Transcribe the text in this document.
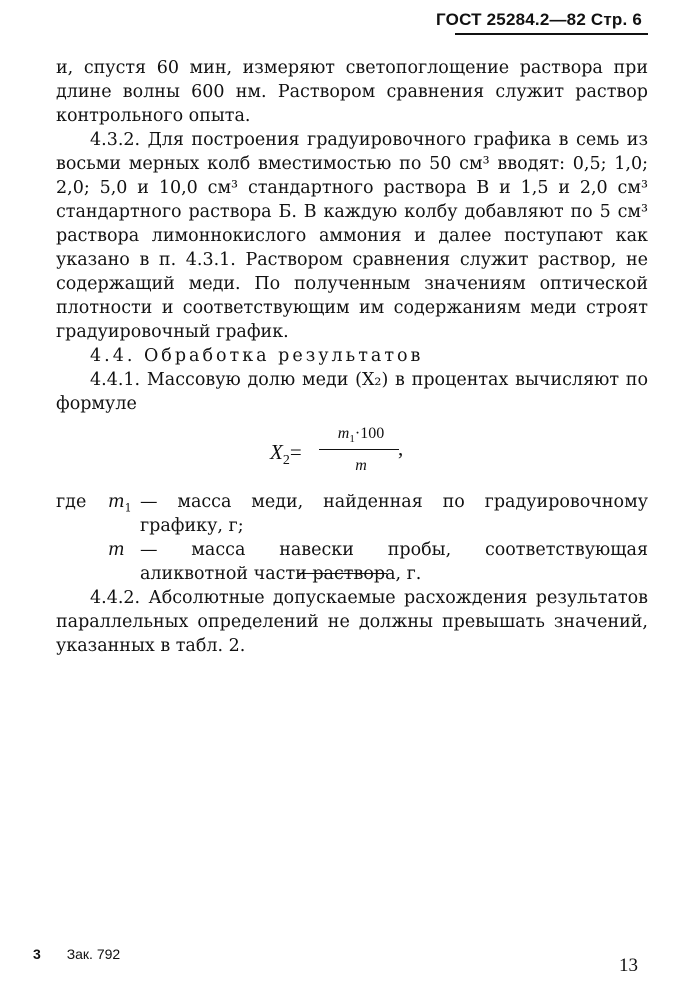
ГОСТ 25284.2—82 Стр. 6

и, спустя 60 мин, измеряют светопоглощение раствора при длине волны 600 нм. Раствором сравнения служит раствор контрольного опыта.

4.3.2. Для построения градуировочного графика в семь из восьми мерных колб вместимостью по 50 см³ вводят: 0,5; 1,0; 2,0; 5,0 и 10,0 см³ стандартного раствора В и 1,5 и 2,0 см³ стандартного раствора Б. В каждую колбу добавляют по 5 см³ раствора лимоннокислого аммония и далее поступают как указано в п. 4.3.1. Раствором сравнения служит раствор, не содержащий меди. По полученным значениям оптической плотности и соответствующим им содержаниям меди строят градуировочный график.

4.4. Обработка результатов

4.4.1. Массовую долю меди (X₂) в процентах вычисляют по формуле

$X_2=$
$m_1\cdot 100$
m
,
где	$m_1$ — масса меди, найденная по градуировочному графику, г;
m — масса навески пробы, соответствующая аликвотной части раствора, г.

4.4.2. Абсолютные допускаемые расхождения результатов параллельных определений не должны превышать значений, указанных в табл. 2.

3 Зак. 792
13
